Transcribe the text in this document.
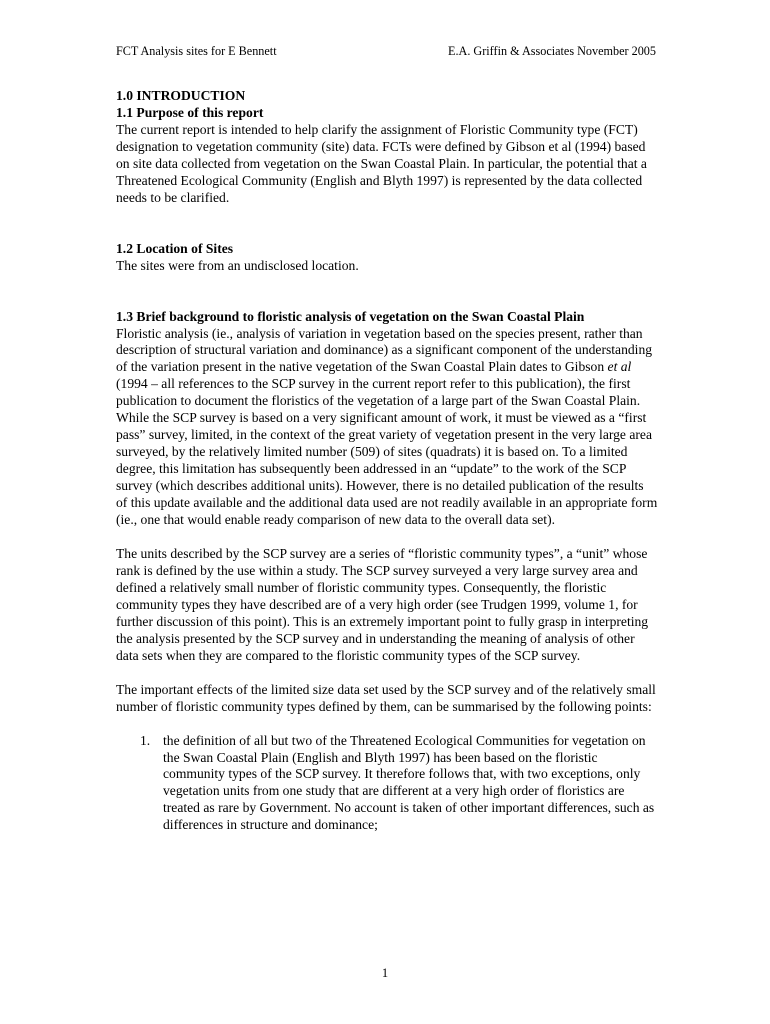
FCT Analysis sites for E Bennett	E.A. Griffin & Associates November 2005
1.0 INTRODUCTION
1.1 Purpose of this report

The current report is intended to help clarify the assignment of Floristic Community type (FCT) designation to vegetation community (site) data. FCTs were defined by Gibson et al (1994) based on site data collected from vegetation on the Swan Coastal Plain. In particular, the potential that a Threatened Ecological Community (English and Blyth 1997) is represented by the data collected needs to be clarified.

1.2 Location of Sites

The sites were from an undisclosed location.

1.3 Brief background to floristic analysis of vegetation on the Swan Coastal Plain

Floristic analysis (ie., analysis of variation in vegetation based on the species present, rather than description of structural variation and dominance) as a significant component of the understanding of the variation present in the native vegetation of the Swan Coastal Plain dates to Gibson et al (1994 – all references to the SCP survey in the current report refer to this publication), the first publication to document the floristics of the vegetation of a large part of the Swan Coastal Plain. While the SCP survey is based on a very significant amount of work, it must be viewed as a “first pass” survey, limited, in the context of the great variety of vegetation present in the very large area surveyed, by the relatively limited number (509) of sites (quadrats) it is based on. To a limited degree, this limitation has subsequently been addressed in an “update” to the work of the SCP survey (which describes additional units). However, there is no detailed publication of the results of this update available and the additional data used are not readily available in an appropriate form (ie., one that would enable ready comparison of new data to the overall data set).

The units described by the SCP survey are a series of “floristic community types”, a “unit” whose rank is defined by the use within a study. The SCP survey surveyed a very large survey area and defined a relatively small number of floristic community types. Consequently, the floristic community types they have described are of a very high order (see Trudgen 1999, volume 1, for further discussion of this point). This is an extremely important point to fully grasp in interpreting the analysis presented by the SCP survey and in understanding the meaning of analysis of other data sets when they are compared to the floristic community types of the SCP survey.

The important effects of the limited size data set used by the SCP survey and of the relatively small number of floristic community types defined by them, can be summarised by the following points:

1. the definition of all but two of the Threatened Ecological Communities for vegetation on the Swan Coastal Plain (English and Blyth 1997) has been based on the floristic community types of the SCP survey. It therefore follows that, with two exceptions, only vegetation units from one study that are different at a very high order of floristics are treated as rare by Government. No account is taken of other important differences, such as differences in structure and dominance;
1
